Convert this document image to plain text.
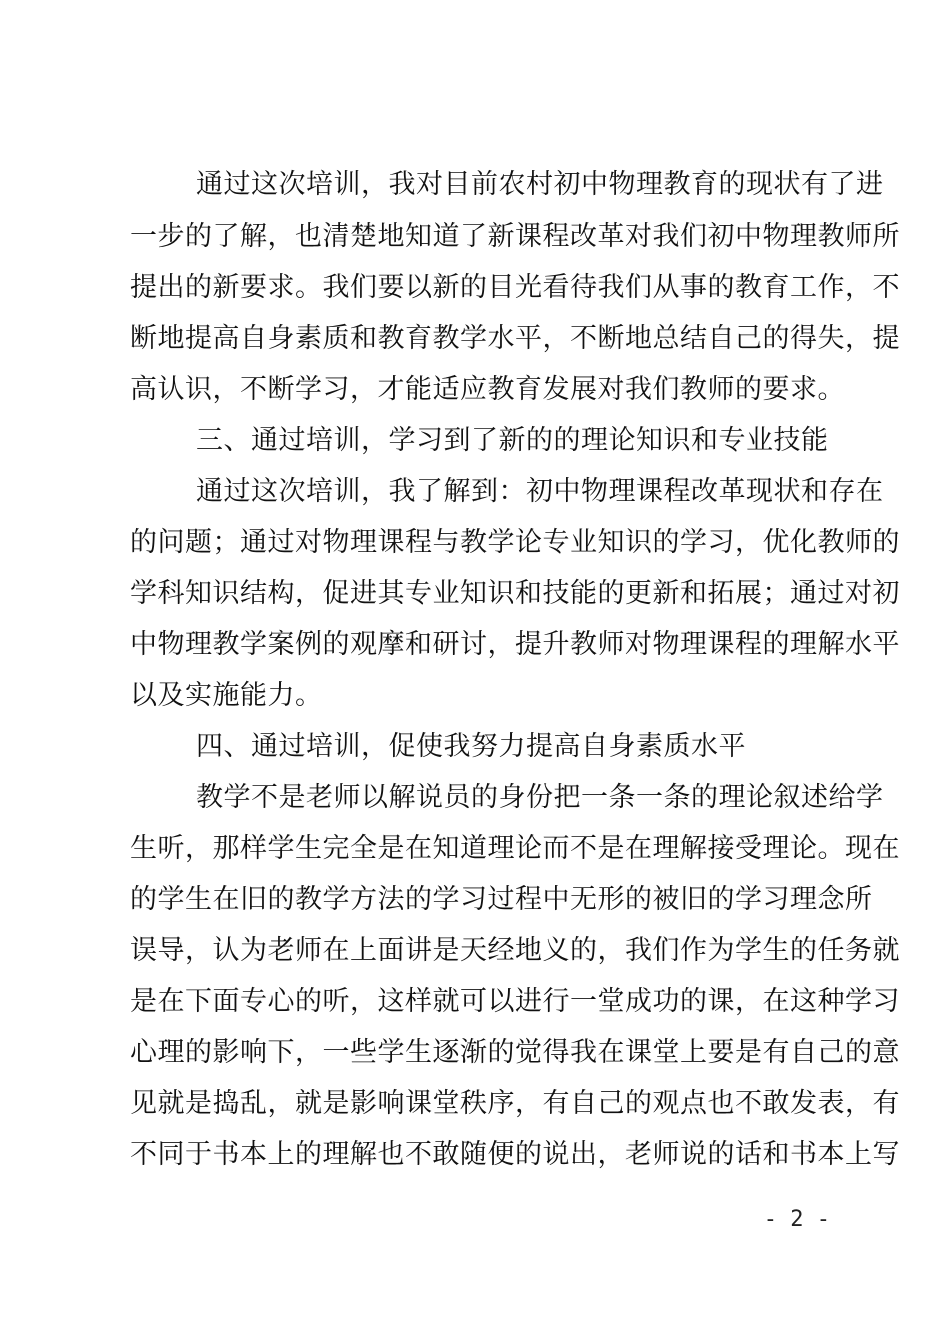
通过这次培训，我对目前农村初中物理教育的现状有了进
一步的了解，也清楚地知道了新课程改革对我们初中物理教师所
提出的新要求。我们要以新的目光看待我们从事的教育工作，不
断地提高自身素质和教育教学水平，不断地总结自己的得失，提
高认识，不断学习，才能适应教育发展对我们教师的要求。
三、通过培训，学习到了新的的理论知识和专业技能
通过这次培训，我了解到：初中物理课程改革现状和存在
的问题；通过对物理课程与教学论专业知识的学习，优化教师的
学科知识结构，促进其专业知识和技能的更新和拓展；通过对初
中物理教学案例的观摩和研讨，提升教师对物理课程的理解水平
以及实施能力。
四、通过培训，促使我努力提高自身素质水平
教学不是老师以解说员的身份把一条一条的理论叙述给学
生听，那样学生完全是在知道理论而不是在理解接受理论。现在
的学生在旧的教学方法的学习过程中无形的被旧的学习理念所
误导，认为老师在上面讲是天经地义的，我们作为学生的任务就
是在下面专心的听，这样就可以进行一堂成功的课，在这种学习
心理的影响下，一些学生逐渐的觉得我在课堂上要是有自己的意
见就是捣乱，就是影响课堂秩序，有自己的观点也不敢发表，有
不同于书本上的理解也不敢随便的说出，老师说的话和书本上写
- 2 -
